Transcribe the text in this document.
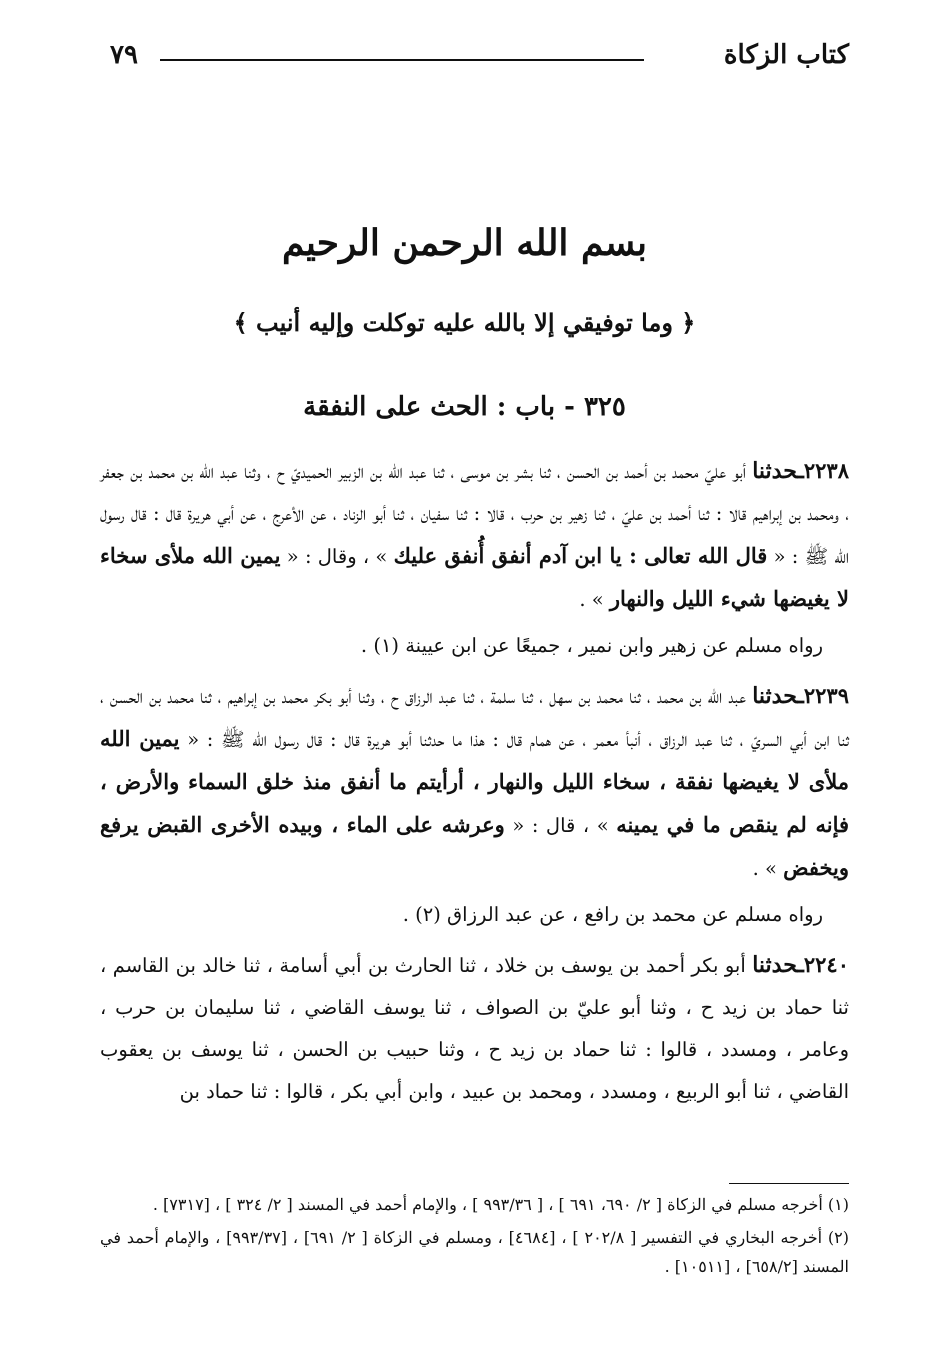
كتاب الزكاة
٧٩
بسم الله الرحمن الرحيم
﴿ وما توفيقي إلا بالله عليه توكلت وإليه أنيب ﴾
٣٢٥ - باب : الحث على النفقة

٢٢٣٨ـحدثنا أبو عليّ محمد بن أحمد بن الحسن ، ثنا بشر بن موسى ، ثنا عبد الله بن الزبير الحميديّ ح ، وثنا عبد الله بن محمد بن جعفر ، ومحمد بن إبراهيم قالا : ثنا أحمد بن عليّ ، ثنا زهير بن حرب ، قالا : ثنا سفيان ، ثنا أبو الزناد ، عن الأعرج ، عن أبي هريرة قال : قال رسول الله ﷺ : « قال الله تعالى : يا ابن آدم أنفق أُنفق عليك » ، وقال : « يمين الله ملأى سخاء لا يغيضها شيء الليل والنهار » .

رواه مسلم عن زهير وابن نمير ، جميعًا عن ابن عيينة (١) .

٢٢٣٩ـحدثنا عبد الله بن محمد ، ثنا محمد بن سهل ، ثنا سلمة ، ثنا عبد الرزاق ح ، وثنا أبو بكر محمد بن إبراهيم ، ثنا محمد بن الحسن ، ثنا ابن أبي السريّ ، ثنا عبد الرزاق ، أنبأ معمر ، عن همام قال : هذا ما حدثنا أبو هريرة قال : قال رسول الله ﷺ : « يمين الله ملأى لا يغيضها نفقة ، سخاء الليل والنهار ، أرأيتم ما أنفق منذ خلق السماء والأرض ، فإنه لم ينقص ما في يمينه » ، قال : « وعرشه على الماء ، وبيده الأخرى القبض يرفع ويخفض » .

رواه مسلم عن محمد بن رافع ، عن عبد الرزاق (٢) .

٢٢٤٠ـحدثنا أبو بكر أحمد بن يوسف بن خلاد ، ثنا الحارث بن أبي أسامة ، ثنا خالد بن القاسم ، ثنا حماد بن زيد ح ، وثنا أبو عليّ بن الصواف ، ثنا يوسف القاضي ، ثنا سليمان بن حرب ، وعامر ، ومسدد ، قالوا : ثنا حماد بن زيد ح ، وثنا حبيب بن الحسن ، ثنا يوسف بن يعقوب القاضي ، ثنا أبو الربيع ، ومسدد ، ومحمد بن عبيد ، وابن أبي بكر ، قالوا : ثنا حماد بن

(١) أخرجه مسلم في الزكاة [ ٢/ ٦٩٠، ٦٩١ ] ، [ ٩٩٣/٣٦ ] ، والإمام أحمد في المسند [ ٢/ ٣٢٤ ] ، [٧٣١٧] .

(٢) أخرجه البخاري في التفسير [ ٢٠٢/٨ ] ، [٤٦٨٤] ، ومسلم في الزكاة [ ٢/ ٦٩١] ، [٩٩٣/٣٧] ، والإمام أحمد في المسند [٦٥٨/٢] ، [١٠٥١١] .
